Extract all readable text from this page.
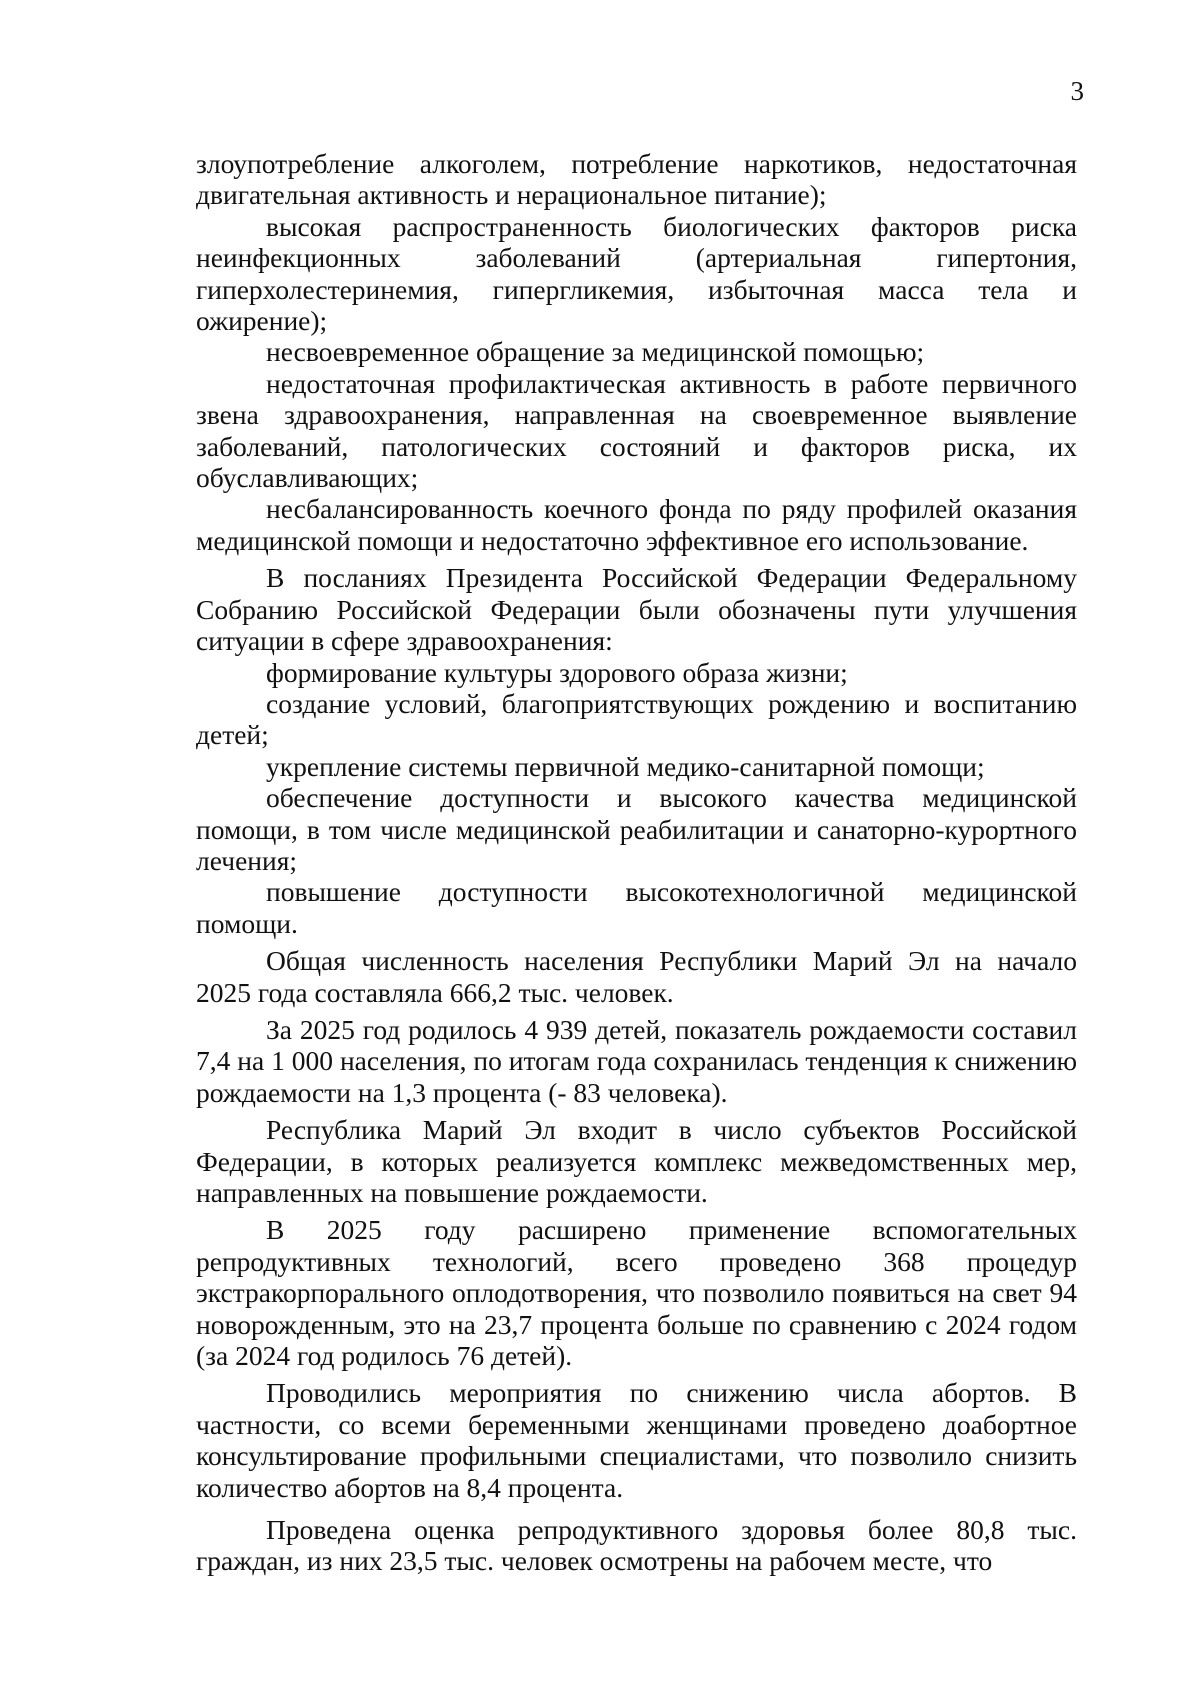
3

злоупотребление алкоголем, потребление наркотиков, недостаточная двигательная активность и нерациональное питание);

высокая распространенность биологических факторов риска неинфекционных заболеваний (артериальная гипертония, гиперхолестеринемия, гипергликемия, избыточная масса тела и ожирение);

несвоевременное обращение за медицинской помощью;

недостаточная профилактическая активность в работе первичного звена здравоохранения, направленная на своевременное выявление заболеваний, патологических состояний и факторов риска, их обуславливающих;

несбалансированность коечного фонда по ряду профилей оказания медицинской помощи и недостаточно эффективное его использование.

В посланиях Президента Российской Федерации Федеральному Собранию Российской Федерации были обозначены пути улучшения ситуации в сфере здравоохранения:

формирование культуры здорового образа жизни;

создание условий, благоприятствующих рождению и воспитанию детей;

укрепление системы первичной медико-санитарной помощи;

обеспечение доступности и высокого качества медицинской помощи, в том числе медицинской реабилитации и санаторно-курортного лечения;

повышение доступности высокотехнологичной медицинской помощи.

Общая численность населения Республики Марий Эл на начало 2025 года составляла 666,2 тыс. человек.

За 2025 год родилось 4 939 детей, показатель рождаемости составил 7,4 на 1 000 населения, по итогам года сохранилась тенденция к снижению рождаемости на 1,3 процента (- 83 человека).

Республика Марий Эл входит в число субъектов Российской Федерации, в которых реализуется комплекс межведомственных мер, направленных на повышение рождаемости.

В 2025 году расширено применение вспомогательных репродуктивных технологий, всего проведено 368 процедур экстракорпорального оплодотворения, что позволило появиться на свет 94 новорожденным, это на 23,7 процента больше по сравнению с 2024 годом (за 2024 год родилось 76 детей).

Проводились мероприятия по снижению числа абортов. В частности, со всеми беременными женщинами проведено доабортное консультирование профильными специалистами, что позволило снизить количество абортов на 8,4 процента.

Проведена оценка репродуктивного здоровья более 80,8 тыс. граждан, из них 23,5 тыс. человек осмотрены на рабочем месте, что
